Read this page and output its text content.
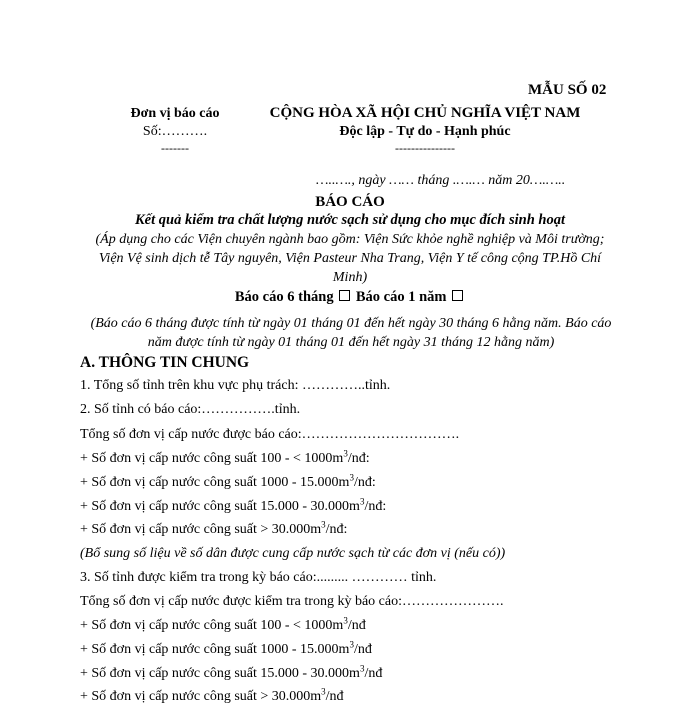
MẪU SỐ 02
Đơn vị báo cáo
Số:……….
-------
CỘNG HÒA XÃ HỘI CHỦ NGHĨA VIỆT NAM
Độc lập - Tự do - Hạnh phúc
---------------
…..…., ngày …… tháng .….… năm 20….…..
BÁO CÁO
Kết quả kiểm tra chất lượng nước sạch sử dụng cho mục đích sinh hoạt
(Áp dụng cho các Viện chuyên ngành bao gồm: Viện Sức khỏe nghề nghiệp và Môi trường; Viện Vệ sinh dịch tễ Tây nguyên, Viện Pasteur Nha Trang, Viện Y tế công cộng TP.Hồ Chí Minh)
Báo cáo 6 tháng Báo cáo 1 năm
(Báo cáo 6 tháng được tính từ ngày 01 tháng 01 đến hết ngày 30 tháng 6 hằng năm. Báo cáo năm được tính từ ngày 01 tháng 01 đến hết ngày 31 tháng 12 hằng năm)
A. THÔNG TIN CHUNG
1. Tổng số tỉnh trên khu vực phụ trách: …………..tỉnh.
2. Số tỉnh có báo cáo:…………….tỉnh.
Tổng số đơn vị cấp nước được báo cáo:…………………………….
+ Số đơn vị cấp nước công suất 100 - < $1000m^3/nđ$:
+ Số đơn vị cấp nước công suất $1000 - 15.000m^3/nđ$:
+ Số đơn vị cấp nước công suất $15.000 - 30.000m^3/nđ$:
+ Số đơn vị cấp nước công suất > $30.000m^3/nđ$:
(Bổ sung số liệu về số dân được cung cấp nước sạch từ các đơn vị (nếu có))
3. Số tỉnh được kiểm tra trong kỳ báo cáo:......... ………… tỉnh.
Tổng số đơn vị cấp nước được kiểm tra trong kỳ báo cáo:………………….
+ Số đơn vị cấp nước công suất 100 - < $1000m^3/nđ$
+ Số đơn vị cấp nước công suất $1000 - 15.000m^3/nđ$
+ Số đơn vị cấp nước công suất $15.000 - 30.000m^3/nđ$
+ Số đơn vị cấp nước công suất > $30.000m^3/nđ$
